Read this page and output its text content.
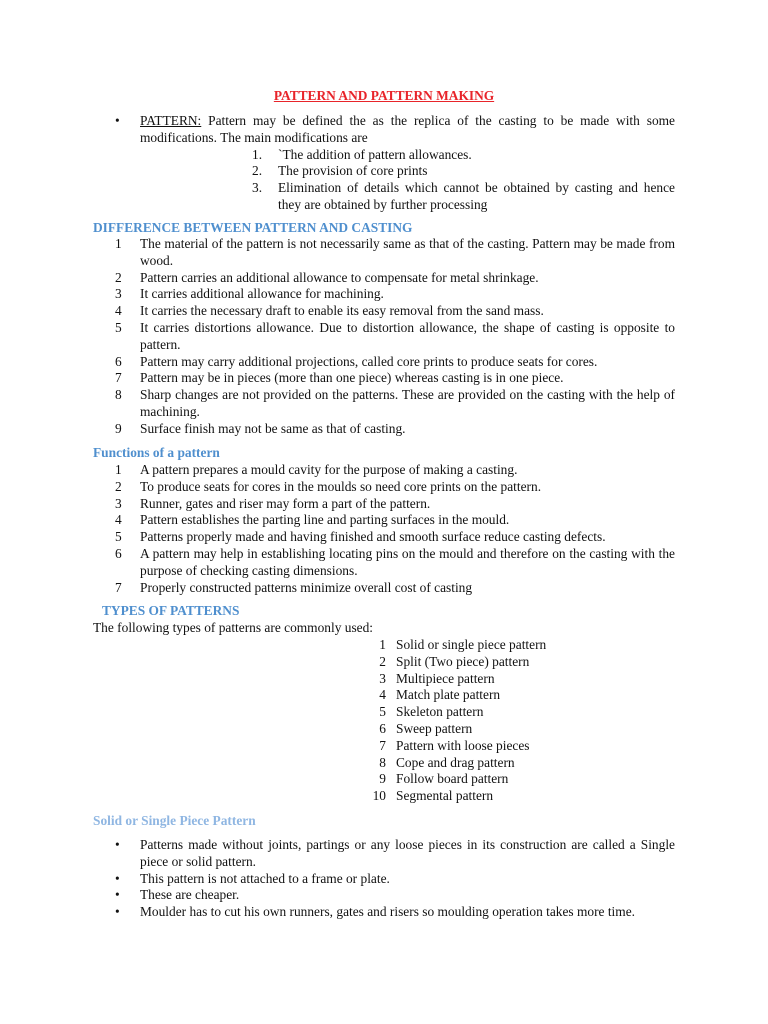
PATTERN AND PATTERN MAKING
• PATTERN: Pattern may be defined the as the replica of the casting to be made with some modifications. The main modifications are
1. `The addition of pattern allowances.
2. The provision of core prints
3. Elimination of details which cannot be obtained by casting and hence they are obtained by further processing
DIFFERENCE BETWEEN PATTERN AND CASTING
1 The material of the pattern is not necessarily same as that of the casting. Pattern may be made from wood.
2 Pattern carries an additional allowance to compensate for metal shrinkage.
3 It carries additional allowance for machining.
4 It carries the necessary draft to enable its easy removal from the sand mass.
5 It carries distortions allowance. Due to distortion allowance, the shape of casting is opposite to pattern.
6 Pattern may carry additional projections, called core prints to produce seats for cores.
7 Pattern may be in pieces (more than one piece) whereas casting is in one piece.
8 Sharp changes are not provided on the patterns. These are provided on the casting with the help of machining.
9 Surface finish may not be same as that of casting.
Functions of a pattern
1 A pattern prepares a mould cavity for the purpose of making a casting.
2 To produce seats for cores in the moulds so need core prints on the pattern.
3 Runner, gates and riser may form a part of the pattern.
4 Pattern establishes the parting line and parting surfaces in the mould.
5 Patterns properly made and having finished and smooth surface reduce casting defects.
6 A pattern may help in establishing locating pins on the mould and therefore on the casting with the purpose of checking casting dimensions.
7 Properly constructed patterns minimize overall cost of casting
TYPES OF PATTERNS
The following types of patterns are commonly used:
1 Solid or single piece pattern
2 Split (Two piece) pattern
3 Multipiece pattern
4 Match plate pattern
5 Skeleton pattern
6 Sweep pattern
7 Pattern with loose pieces
8 Cope and drag pattern
9 Follow board pattern
10 Segmental pattern
Solid or Single Piece Pattern
• Patterns made without joints, partings or any loose pieces in its construction are called a Single piece or solid pattern.
• This pattern is not attached to a frame or plate.
• These are cheaper.
• Moulder has to cut his own runners, gates and risers so moulding operation takes more time.
